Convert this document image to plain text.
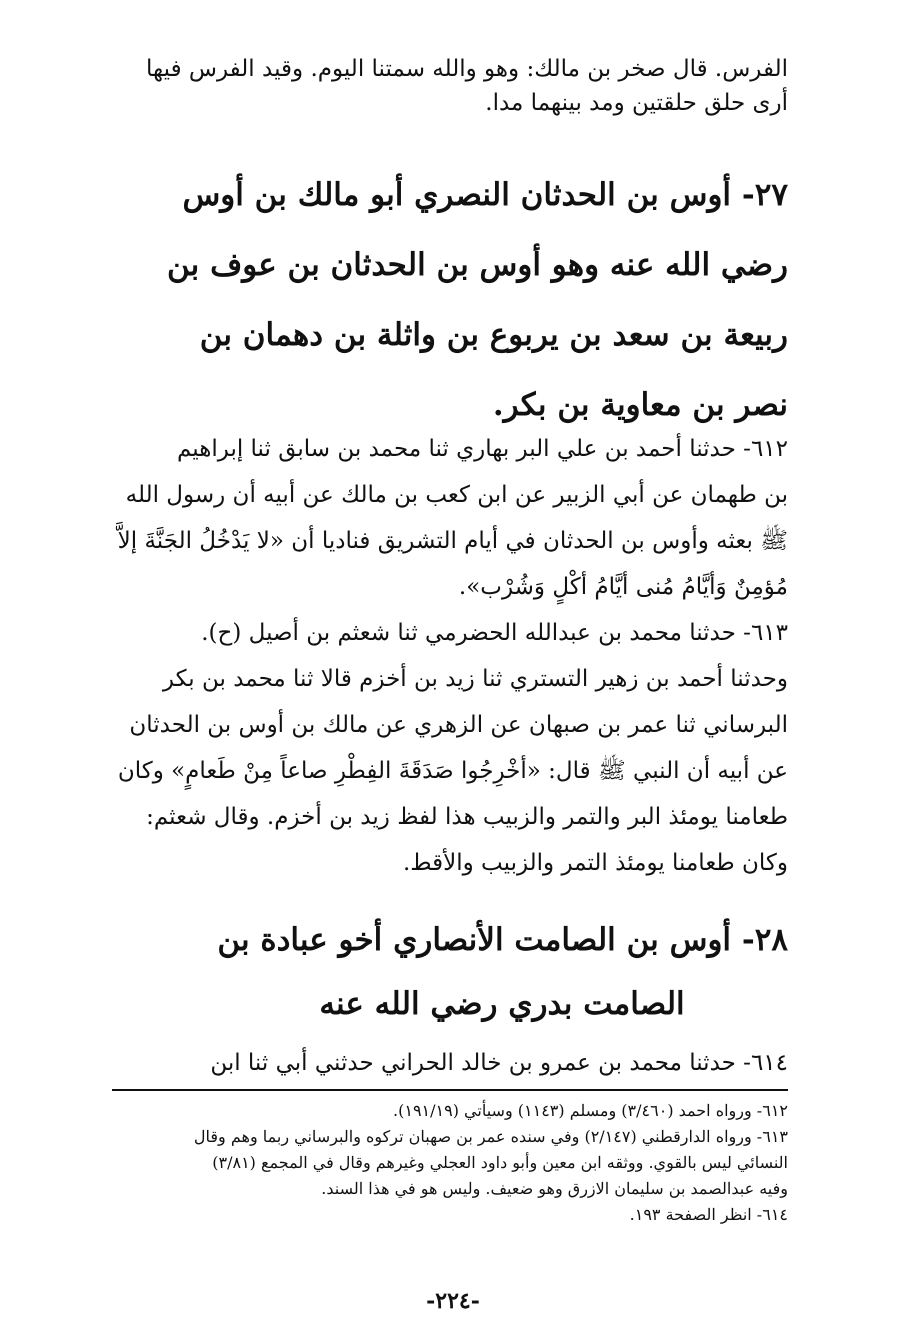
الفرس. قال صخر بن مالك: وهو والله سمتنا اليوم. وقيد الفرس فيها
أرى حلق حلقتين ومد بينهما مدا.
٢٧- أوس بن الحدثان النصري أبو مالك بن أوس
رضي الله عنه وهو أوس بن الحدثان بن عوف بن
ربيعة بن سعد بن يربوع بن واثلة بن دهمان بن
نصر بن معاوية بن بكر.
٦١٢- حدثنا أحمد بن علي البر بهاري ثنا محمد بن سابق ثنا إبراهيم
بن طهمان عن أبي الزبير عن ابن كعب بن مالك عن أبيه أن رسول الله
ﷺ بعثه وأوس بن الحدثان في أيام التشريق فناديا أن «لا يَدْخُلُ الجَنَّةَ إلاَّ
مُؤمِنٌ وَأيَّامُ مُنى أيَّامُ أكْلٍ وَشُرْب».
٦١٣- حدثنا محمد بن عبدالله الحضرمي ثنا شعثم بن أصيل (ح).
وحدثنا أحمد بن زهير التستري ثنا زيد بن أخزم قالا ثنا محمد بن بكر
البرساني ثنا عمر بن صبهان عن الزهري عن مالك بن أوس بن الحدثان
عن أبيه أن النبي ﷺ قال: «أخْرِجُوا صَدَقَةَ الفِطْرِ صاعاً مِنْ طَعامٍ» وكان
طعامنا يومئذ البر والتمر والزبيب هذا لفظ زيد بن أخزم. وقال شعثم:
وكان طعامنا يومئذ التمر والزبيب والأقط.
٢٨- أوس بن الصامت الأنصاري أخو عبادة بن
الصامت بدري رضي الله عنه
٦١٤- حدثنا محمد بن عمرو بن خالد الحراني حدثني أبي ثنا ابن
٦١٢- ورواه احمد (٣/٤٦٠) ومسلم (١١٤٣) وسيأتي (١٩١/١٩).
٦١٣- ورواه الدارقطني (٢/١٤٧) وفي سنده عمر بن صهبان تركوه والبرساني ربما وهم وقال
النسائي ليس بالقوي. ووثقه ابن معين وأبو داود العجلي وغيرهم وقال في المجمع (٣/٨١)
وفيه عبدالصمد بن سليمان الازرق وهو ضعيف. وليس هو في هذا السند.
٦١٤- انظر الصفحة ١٩٣.
-٢٢٤-
